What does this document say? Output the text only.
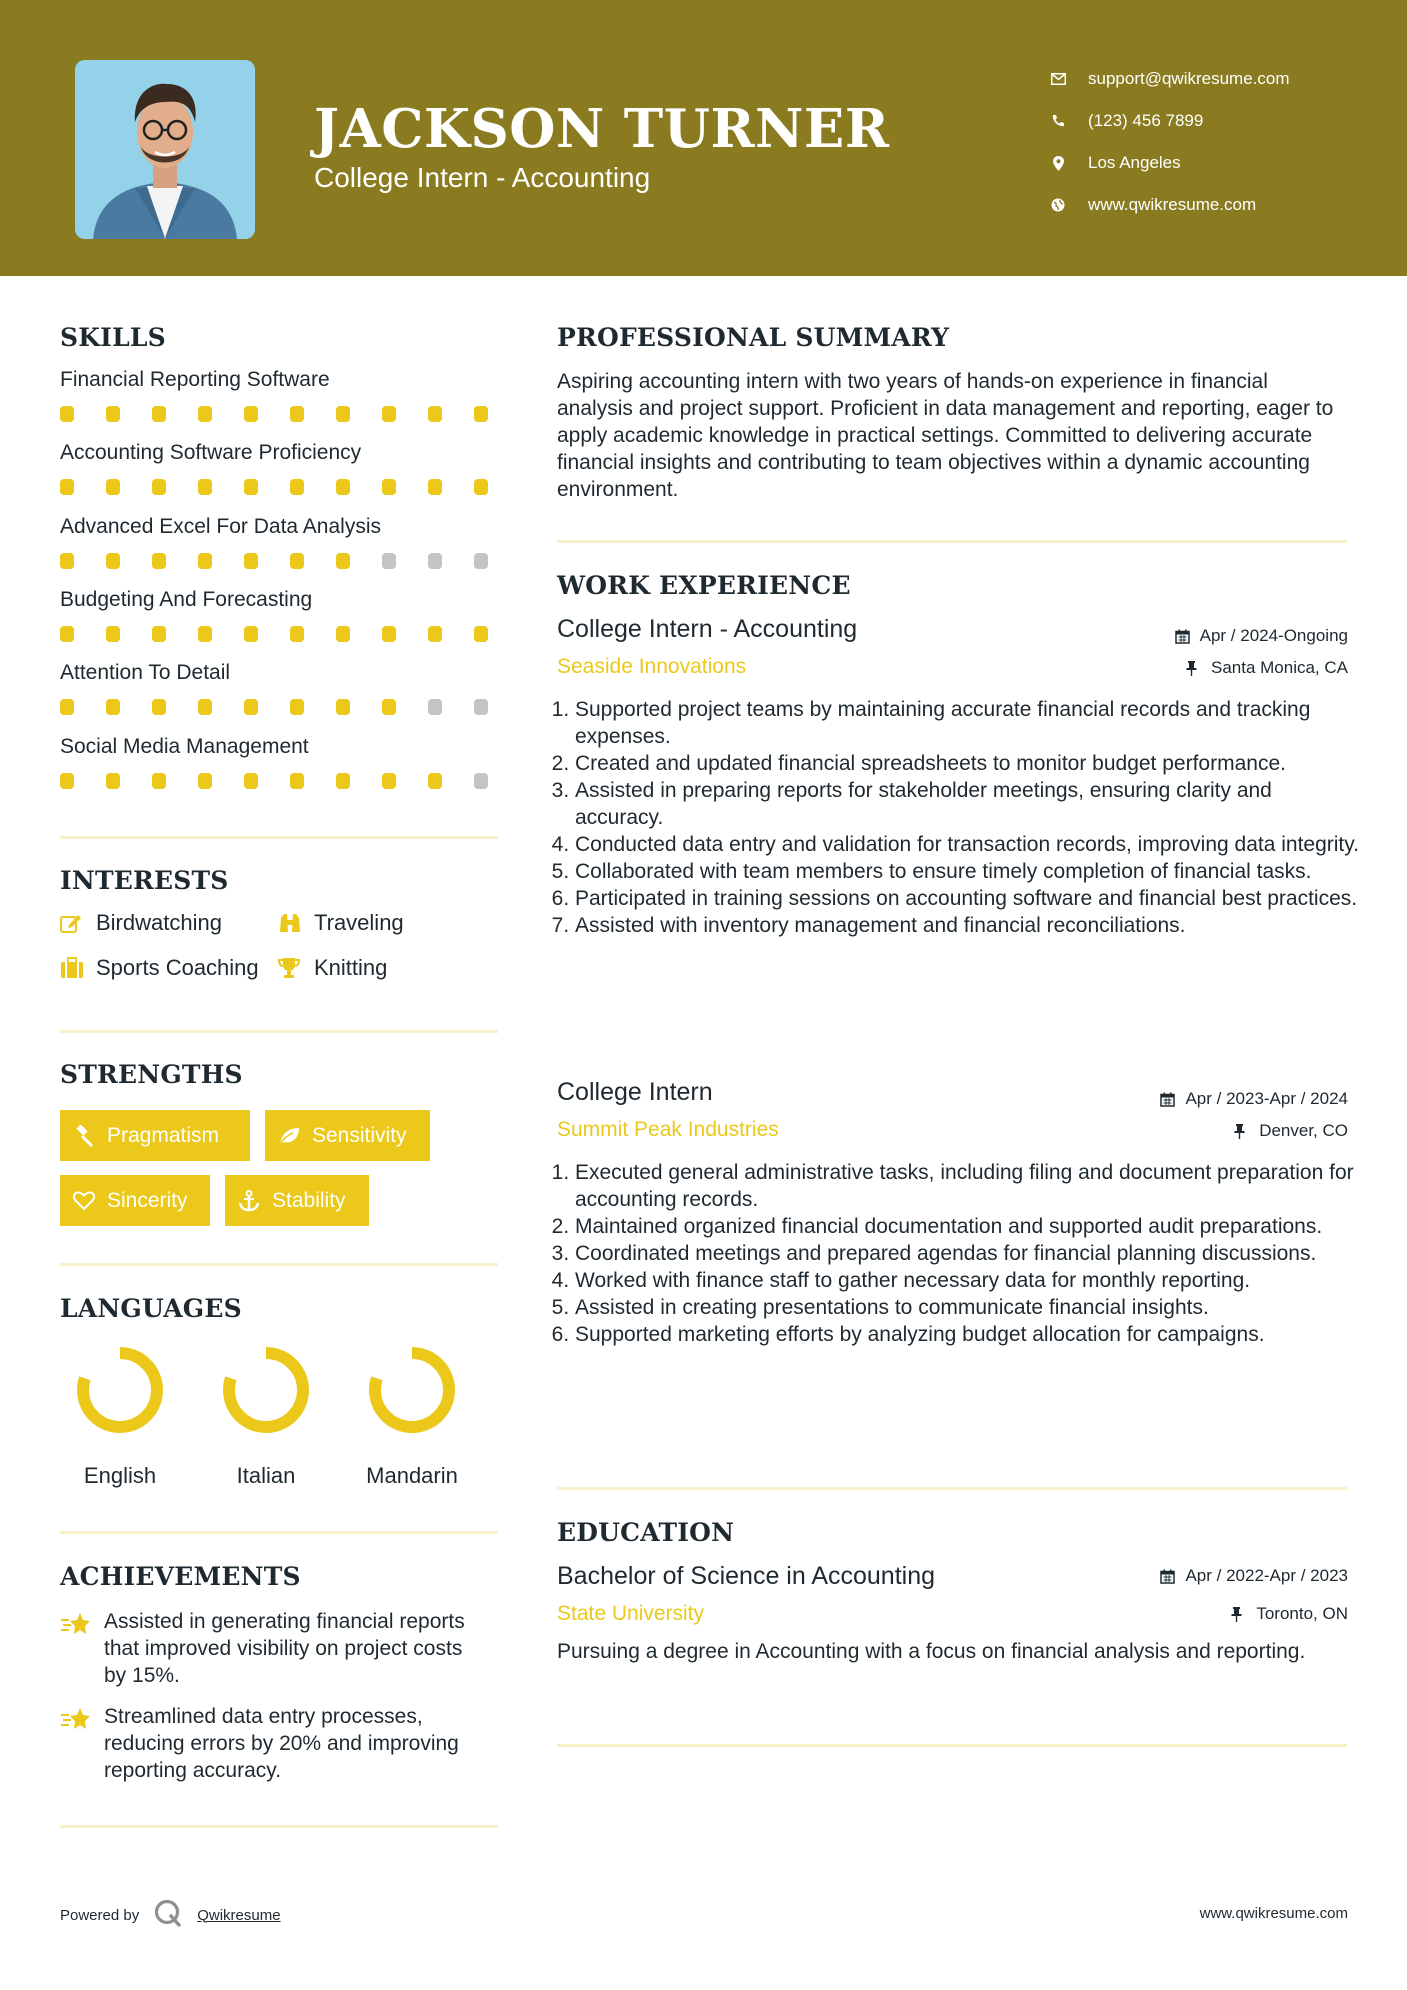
JACKSON TURNER
College Intern - Accounting
support@qwikresume.com
(123) 456 7899
Los Angeles
www.qwikresume.com
SKILLS
Financial Reporting Software
Accounting Software Proficiency
Advanced Excel For Data Analysis
Budgeting And Forecasting
Attention To Detail
Social Media Management
INTERESTS
Birdwatching	Traveling
Sports Coaching	Knitting
STRENGTHS
Pragmatism	Sensitivity
Sincerity	Stability
LANGUAGES
English	Italian	Mandarin
ACHIEVEMENTS
Assisted in generating financial reports that improved visibility on project costs by 15%.
Streamlined data entry processes, reducing errors by 20% and improving reporting accuracy.
PROFESSIONAL SUMMARY

Aspiring accounting intern with two years of hands-on experience in financial analysis and project support. Proficient in data management and reporting, eager to apply academic knowledge in practical settings. Committed to delivering accurate financial insights and contributing to team objectives within a dynamic accounting environment.

WORK EXPERIENCE
College Intern - Accounting	Apr / 2024-Ongoing
Seaside Innovations	Santa Monica, CA
1. Supported project teams by maintaining accurate financial records and tracking expenses.
2. Created and updated financial spreadsheets to monitor budget performance.
3. Assisted in preparing reports for stakeholder meetings, ensuring clarity and accuracy.
4. Conducted data entry and validation for transaction records, improving data integrity.
5. Collaborated with team members to ensure timely completion of financial tasks.
6. Participated in training sessions on accounting software and financial best practices.
7. Assisted with inventory management and financial reconciliations.
College Intern	Apr / 2023-Apr / 2024
Summit Peak Industries	Denver, CO
1. Executed general administrative tasks, including filing and document preparation for accounting records.
2. Maintained organized financial documentation and supported audit preparations.
3. Coordinated meetings and prepared agendas for financial planning discussions.
4. Worked with finance staff to gather necessary data for monthly reporting.
5. Assisted in creating presentations to communicate financial insights.
6. Supported marketing efforts by analyzing budget allocation for campaigns.
EDUCATION
Bachelor of Science in Accounting	Apr / 2022-Apr / 2023
State University	Toronto, ON

Pursuing a degree in Accounting with a focus on financial analysis and reporting.

Powered by	Qwikresume	www.qwikresume.com
